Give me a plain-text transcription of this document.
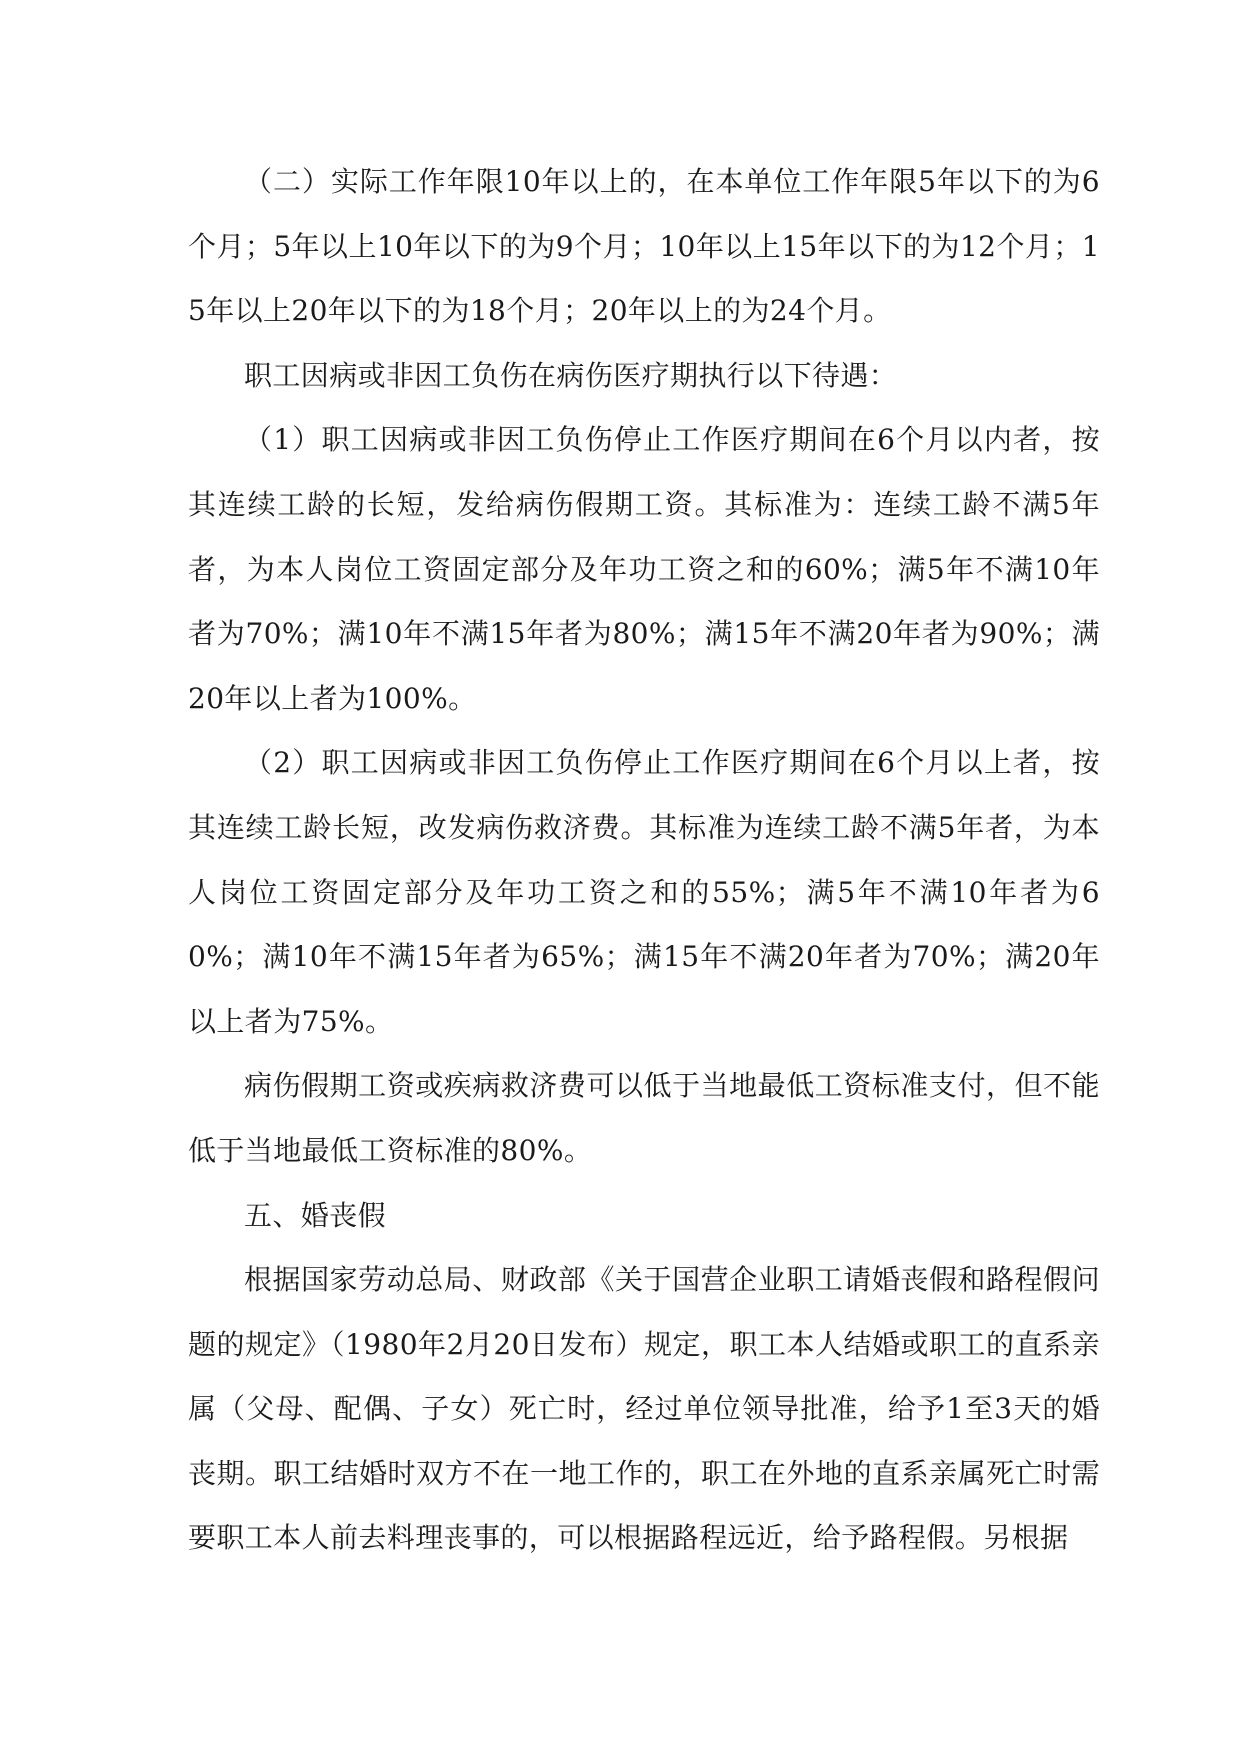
（二）实际工作年限10年以上的，在本单位工作年限5年以下的为6个月；5年以上10年以下的为9个月；10年以上15年以下的为12个月；15年以上20年以下的为18个月；20年以上的为24个月。

职工因病或非因工负伤在病伤医疗期执行以下待遇：

（1）职工因病或非因工负伤停止工作医疗期间在6个月以内者，按其连续工龄的长短，发给病伤假期工资。其标准为：连续工龄不满5年者，为本人岗位工资固定部分及年功工资之和的60%；满5年不满10年者为70%；满10年不满15年者为80%；满15年不满20年者为90%；满20年以上者为100%。

（2）职工因病或非因工负伤停止工作医疗期间在6个月以上者，按其连续工龄长短，改发病伤救济费。其标准为连续工龄不满5年者，为本人岗位工资固定部分及年功工资之和的55%；满5年不满10年者为60%；满10年不满15年者为65%；满15年不满20年者为70%；满20年以上者为75%。

病伤假期工资或疾病救济费可以低于当地最低工资标准支付，但不能低于当地最低工资标准的80%。

五、婚丧假

根据国家劳动总局、财政部《关于国营企业职工请婚丧假和路程假问题的规定》（1980年2月20日发布）规定，职工本人结婚或职工的直系亲属（父母、配偶、子女）死亡时，经过单位领导批准，给予1至3天的婚丧期。职工结婚时双方不在一地工作的，职工在外地的直系亲属死亡时需要职工本人前去料理丧事的，可以根据路程远近，给予路程假。另根据
